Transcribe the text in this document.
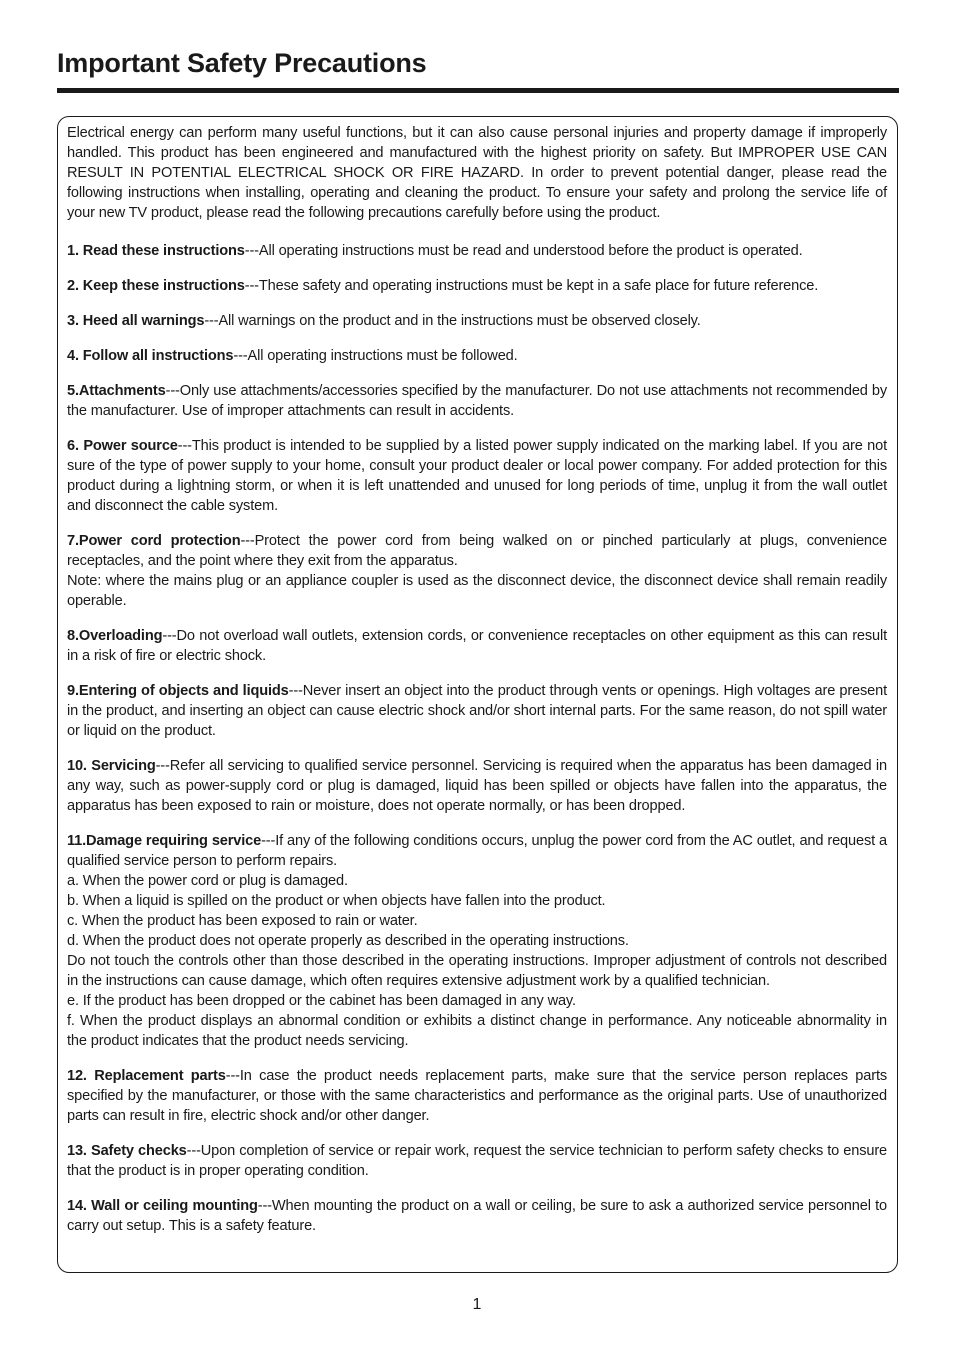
Important Safety Precautions

Electrical energy can perform many useful functions, but it can also cause personal injuries and property damage if improperly handled. This product has been engineered and manufactured with the highest priority on safety. But IMPROPER USE CAN RESULT IN POTENTIAL ELECTRICAL SHOCK OR FIRE HAZARD. In order to prevent potential danger, please read the following instructions when installing, operating and cleaning the product. To ensure your safety and prolong the service life of your new TV product, please read the following precautions carefully before using the product.

1. Read these instructions---All operating instructions must be read and understood before the product is operated.

2. Keep these instructions---These safety and operating instructions must be kept in a safe place for future reference.

3. Heed all warnings---All warnings on the product and in the instructions must be observed closely.

4. Follow all instructions---All operating instructions must be followed.

5.Attachments---Only use attachments/accessories specified by the manufacturer. Do not use attachments not recommended by the manufacturer. Use of improper attachments can result in accidents.

6. Power source---This product is intended to be supplied by a listed power supply indicated on the marking label. If you are not sure of the type of power supply to your home, consult your product dealer or local power company. For added protection for this product during a lightning storm, or when it is left unattended and unused for long periods of time, unplug it from the wall outlet and disconnect the cable system.

7.Power cord protection---Protect the power cord from being walked on or pinched particularly at plugs, convenience receptacles, and the point where they exit from the apparatus.
Note: where the mains plug or an appliance coupler is used as the disconnect device, the disconnect device shall remain readily operable.

8.Overloading---Do not overload wall outlets, extension cords, or convenience receptacles on other equipment as this can result in a risk of fire or electric shock.

9.Entering of objects and liquids---Never insert an object into the product through vents or openings. High voltages are present in the product, and inserting an object can cause electric shock and/or short internal parts. For the same reason, do not spill water or liquid on the product.

10. Servicing---Refer all servicing to qualified service personnel. Servicing is required when the apparatus has been damaged in any way, such as power-supply cord or plug is damaged, liquid has been spilled or objects have fallen into the apparatus, the apparatus has been exposed to rain or moisture, does not operate normally, or has been dropped.

11.Damage requiring service---If any of the following conditions occurs, unplug the power cord from the AC outlet, and request a qualified service person to perform repairs.
a. When the power cord or plug is damaged.
b. When a liquid is spilled on the product or when objects have fallen into the product.
c. When the product has been exposed to rain or water.
d. When the product does not operate properly as described in the operating instructions.
Do not touch the controls other than those described in the operating instructions. Improper adjustment of controls not described in the instructions can cause damage, which often requires extensive adjustment work by a qualified technician.
e. If the product has been dropped or the cabinet has been damaged in any way.
f. When the product displays an abnormal condition or exhibits a distinct change in performance. Any noticeable abnormality in the product indicates that the product needs servicing.

12. Replacement parts---In case the product needs replacement parts, make sure that the service person replaces parts specified by the manufacturer, or those with the same characteristics and performance as the original parts. Use of unauthorized parts can result in fire, electric shock and/or other danger.

13. Safety checks---Upon completion of service or repair work, request the service technician to perform safety checks to ensure that the product is in proper operating condition.

14. Wall or ceiling mounting---When mounting the product on a wall or ceiling, be sure to ask a authorized service personnel to carry out setup. This is a safety feature.

1
